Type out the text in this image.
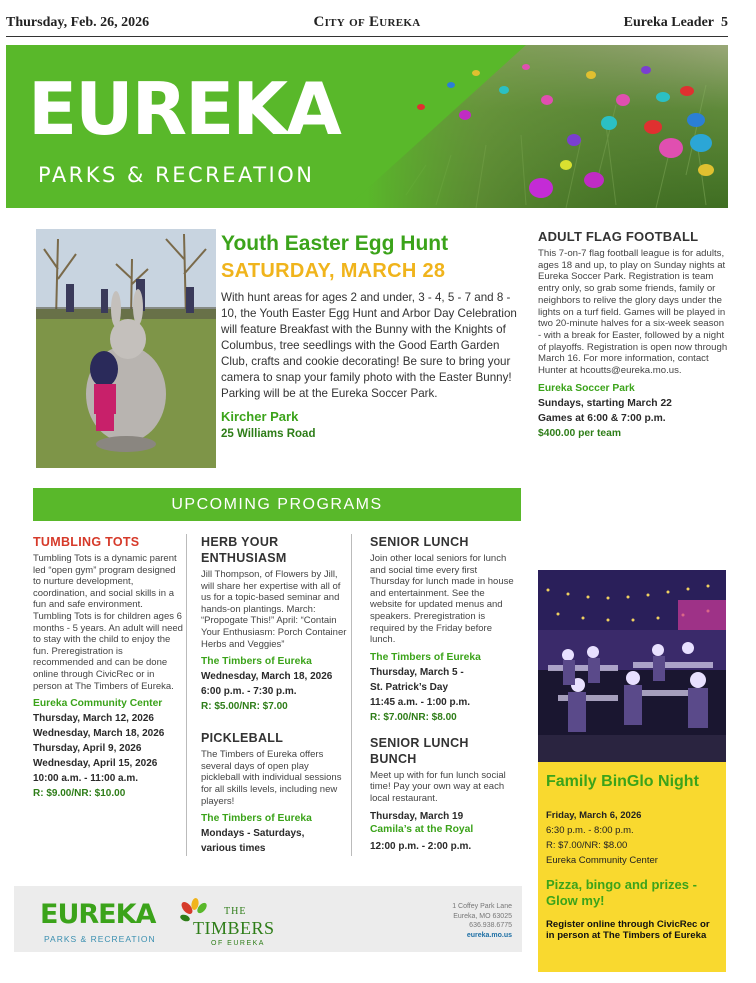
Thursday, Feb. 26, 2026	City of Eureka	Eureka Leader 5
EUREKA
PARKS & RECREATION
Youth Easter Egg Hunt
SATURDAY, MARCH 28
With hunt areas for ages 2 and under, 3 - 4, 5 - 7 and 8 - 10, the Youth Easter Egg Hunt and Arbor Day Celebration will feature Breakfast with the Bunny with the Knights of Columbus, tree seedlings with the Good Earth Garden Club, crafts and cookie decorating! Be sure to bring your camera to snap your family photo with the Easter Bunny! Parking will be at the Eureka Soccer Park.
Kircher Park
25 Williams Road
ADULT FLAG FOOTBALL
This 7-on-7 flag football league is for adults, ages 18 and up, to play on Sunday nights at Eureka Soccer Park. Registration is team entry only, so grab some friends, family or neighbors to relive the glory days under the lights on a turf field. Games will be played in two 20-minute halves for a six-week season - with a break for Easter, followed by a night of playoffs. Registration is open now through March 16. For more information, contact Hunter at hcoutts@eureka.mo.us.
Eureka Soccer Park
Sundays, starting March 22
Games at 6:00 & 7:00 p.m.
$400.00 per team
UPCOMING PROGRAMS
TUMBLING TOTS
Tumbling Tots is a dynamic parent led “open gym” program designed to nurture development, coordination, and social skills in a fun and safe environment. Tumbling Tots is for children ages 6 months - 5 years. An adult will need to stay with the child to enjoy the fun. Preregistration is recommended and can be done online through CivicRec or in person at The Timbers of Eureka.
Eureka Community Center
Thursday, March 12, 2026
Wednesday, March 18, 2026
Thursday, April 9, 2026
Wednesday, April 15, 2026
10:00 a.m. - 11:00 a.m.
R: $9.00/NR: $10.00
HERB YOUR ENTHUSIASM
Jill Thompson, of Flowers by Jill, will share her expertise with all of us for a topic-based seminar and hands-on plantings. March: “Propogate This!” April: “Contain Your Enthusiasm: Porch Container Herbs and Veggies”
The Timbers of Eureka
Wednesday, March 18, 2026
6:00 p.m. - 7:30 p.m.
R: $5.00/NR: $7.00
PICKLEBALL
The Timbers of Eureka offers several days of open play pickleball with individual sessions for all skills levels, including new players!
The Timbers of Eureka
Mondays - Saturdays,
various times
SENIOR LUNCH
Join other local seniors for lunch and social time every first Thursday for lunch made in house and entertainment. See the website for updated menus and speakers. Preregistration is required by the Friday before lunch.
The Timbers of Eureka
Thursday, March 5 -
St. Patrick’s Day
11:45 a.m. - 1:00 p.m.
R: $7.00/NR: $8.00
SENIOR LUNCH BUNCH
Meet up with for fun lunch social time! Pay your own way at each local restaurant.
Thursday, March 19
Camila’s at the Royal
12:00 p.m. - 2:00 p.m.
EUREKA
PARKS & RECREATION
THE
TIMBERS
OF EUREKA
1 Coffey Park Lane
Eureka, MO 63025
636.938.6775
eureka.mo.us
Family BinGlo Night
Friday, March 6, 2026
6:30 p.m. - 8:00 p.m.
R: $7.00/NR: $8.00
Eureka Community Center
Pizza, bingo and prizes - Glow my!
Register online through CivicRec or in person at The Timbers of Eureka
